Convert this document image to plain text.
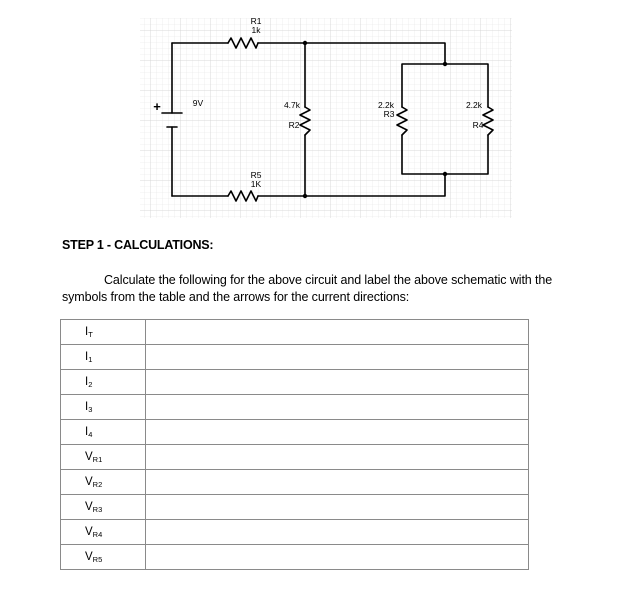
+	9V
R1
1k
4.7k
R2
2.2k
R3
2.2k
R4
R5
1K
STEP 1 - CALCULATIONS:
Calculate the following for the above circuit and label the above schematic with the symbols from the table and the arrows for the current directions:
$I_T$	
$I_1$	
$I_2$	
$I_3$	
$I_4$	
$V_{R1}$	
$V_{R2}$	
$V_{R3}$	
$V_{R4}$	
$V_{R5}$	
